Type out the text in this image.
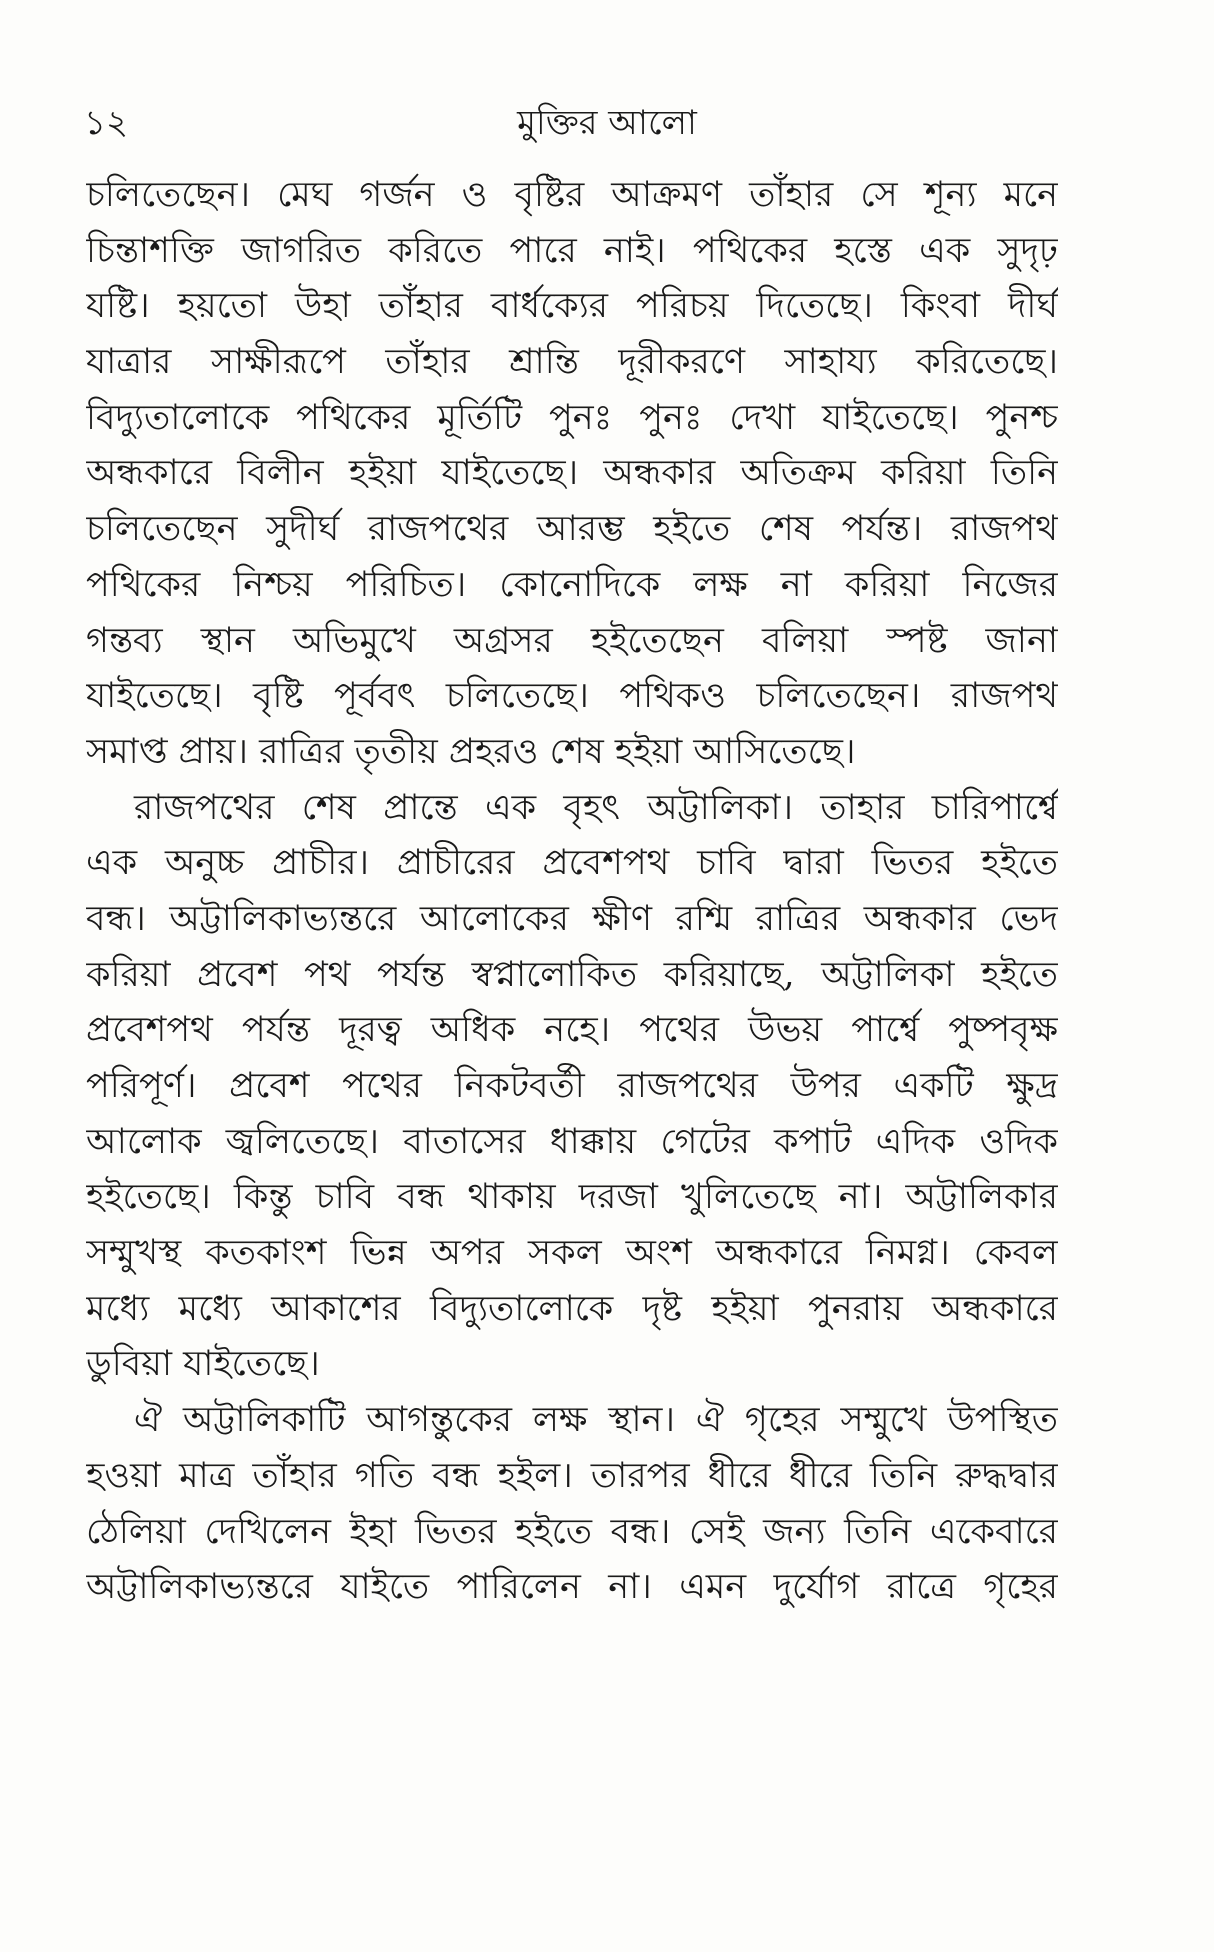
১২	মুক্তির আলো
চলিতেছেন। মেঘ গর্জন ও বৃষ্টির আক্রমণ তাঁহার সে শূন্য মনে
চিন্তাশক্তি জাগরিত করিতে পারে নাই। পথিকের হস্তে এক সুদৃঢ়
যষ্টি। হয়তো উহা তাঁহার বার্ধক্যের পরিচয় দিতেছে। কিংবা দীর্ঘ
যাত্রার সাক্ষীরূপে তাঁহার শ্রান্তি দূরীকরণে সাহায্য করিতেছে।
বিদ্যুতালোকে পথিকের মূর্তিটি পুনঃ পুনঃ দেখা যাইতেছে। পুনশ্চ
অন্ধকারে বিলীন হইয়া যাইতেছে। অন্ধকার অতিক্রম করিয়া তিনি
চলিতেছেন সুদীর্ঘ রাজপথের আরম্ভ হইতে শেষ পর্যন্ত। রাজপথ
পথিকের নিশ্চয় পরিচিত। কোনোদিকে লক্ষ না করিয়া নিজের
গন্তব্য স্থান অভিমুখে অগ্রসর হইতেছেন বলিয়া স্পষ্ট জানা
যাইতেছে। বৃষ্টি পূর্ববৎ চলিতেছে। পথিকও চলিতেছেন। রাজপথ
সমাপ্ত প্রায়। রাত্রির তৃতীয় প্রহরও শেষ হইয়া আসিতেছে।
রাজপথের শেষ প্রান্তে এক বৃহৎ অট্টালিকা। তাহার চারিপার্শ্বে
এক অনুচ্চ প্রাচীর। প্রাচীরের প্রবেশপথ চাবি দ্বারা ভিতর হইতে
বন্ধ। অট্টালিকাভ্যন্তরে আলোকের ক্ষীণ রশ্মি রাত্রির অন্ধকার ভেদ
করিয়া প্রবেশ পথ পর্যন্ত স্বপ্নালোকিত করিয়াছে, অট্টালিকা হইতে
প্রবেশপথ পর্যন্ত দূরত্ব অধিক নহে। পথের উভয় পার্শ্বে পুষ্পবৃক্ষ
পরিপূর্ণ। প্রবেশ পথের নিকটবর্তী রাজপথের উপর একটি ক্ষুদ্র
আলোক জ্বলিতেছে। বাতাসের ধাক্কায় গেটের কপাট এদিক ওদিক
হইতেছে। কিন্তু চাবি বন্ধ থাকায় দরজা খুলিতেছে না। অট্টালিকার
সম্মুখস্থ কতকাংশ ভিন্ন অপর সকল অংশ অন্ধকারে নিমগ্ন। কেবল
মধ্যে মধ্যে আকাশের বিদ্যুতালোকে দৃষ্ট হইয়া পুনরায় অন্ধকারে
ডুবিয়া যাইতেছে।
ঐ অট্টালিকাটি আগন্তুকের লক্ষ স্থান। ঐ গৃহের সম্মুখে উপস্থিত
হওয়া মাত্র তাঁহার গতি বন্ধ হইল। তারপর ধীরে ধীরে তিনি রুদ্ধদ্বার
ঠেলিয়া দেখিলেন ইহা ভিতর হইতে বন্ধ। সেই জন্য তিনি একেবারে
অট্টালিকাভ্যন্তরে যাইতে পারিলেন না। এমন দুর্যোগ রাত্রে গৃহের
